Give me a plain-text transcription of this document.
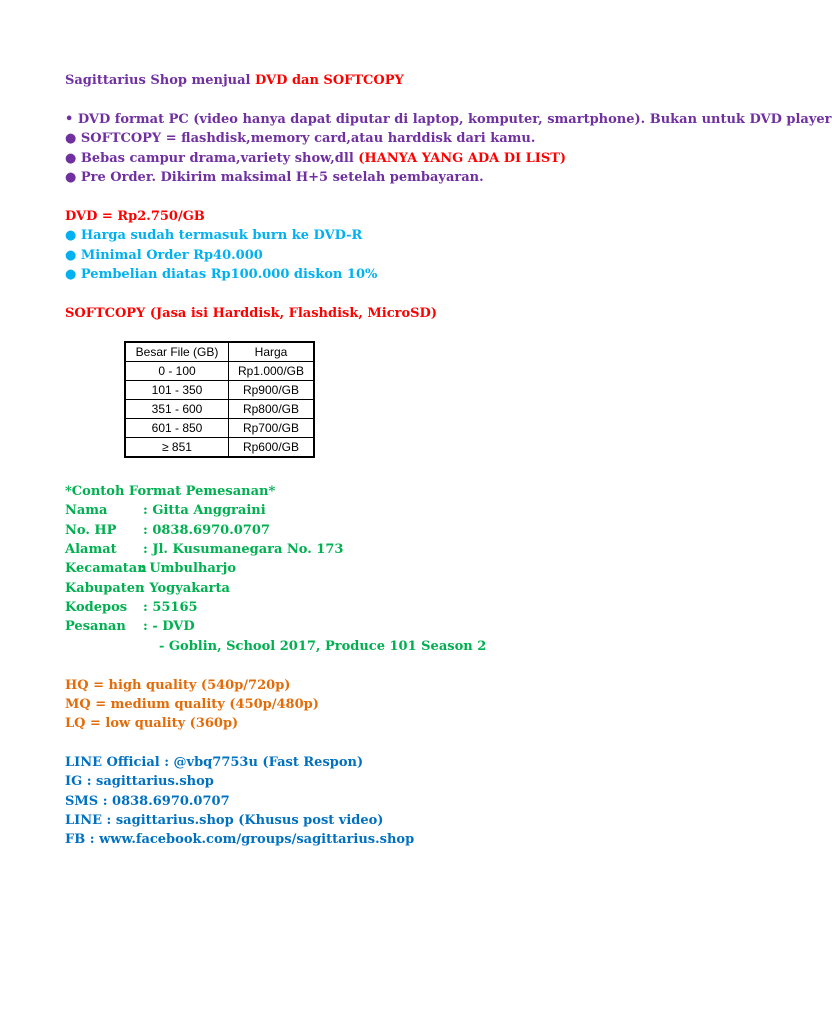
Sagittarius Shop menjual DVD dan SOFTCOPY
• DVD format PC (video hanya dapat diputar di laptop, komputer, smartphone). Bukan untuk DVD player
● SOFTCOPY = flashdisk,memory card,atau harddisk dari kamu.
● Bebas campur drama,variety show,dll (HANYA YANG ADA DI LIST)
● Pre Order. Dikirim maksimal H+5 setelah pembayaran.
DVD = Rp2.750/GB
● Harga sudah termasuk burn ke DVD-R
● Minimal Order Rp40.000
● Pembelian diatas Rp100.000 diskon 10%
SOFTCOPY (Jasa isi Harddisk, Flashdisk, MicroSD)
Besar File (GB)	Harga
0 - 100	Rp1.000/GB
101 - 350	Rp900/GB
351 - 600	Rp800/GB
601 - 850	Rp700/GB
≥ 851	Rp600/GB
*Contoh Format Pemesanan*
Nama	: Gitta Anggraini
No. HP : 0838.6970.0707
Alamat : Jl. Kusumanegara No. 173
Kecamatan: Umbulharjo
Kabupaten: Yogyakarta
Kodepos : 55165
Pesanan : - DVD
- Goblin, School 2017, Produce 101 Season 2
HQ = high quality (540p/720p)
MQ = medium quality (450p/480p)
LQ = low quality (360p)
LINE Official : @vbq7753u (Fast Respon)
IG : sagittarius.shop
SMS : 0838.6970.0707
LINE : sagittarius.shop (Khusus post video)
FB : www.facebook.com/groups/sagittarius.shop
